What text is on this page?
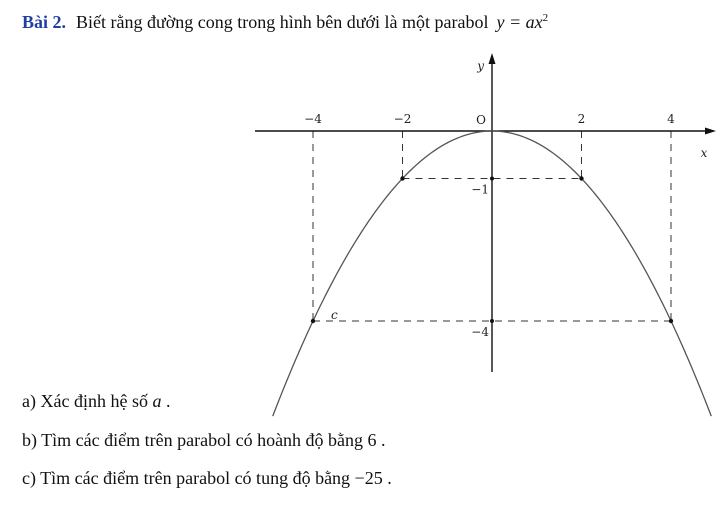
Bài 2. Biết rằng đường cong trong hình bên dưới là một parabol $y = ax^2$
−4	−2	2	4
−1
−4
O
x
y
c
a) Xác định hệ số a .
b) Tìm các điểm trên parabol có hoành độ bằng 6 .
c) Tìm các điểm trên parabol có tung độ bằng −25 .
